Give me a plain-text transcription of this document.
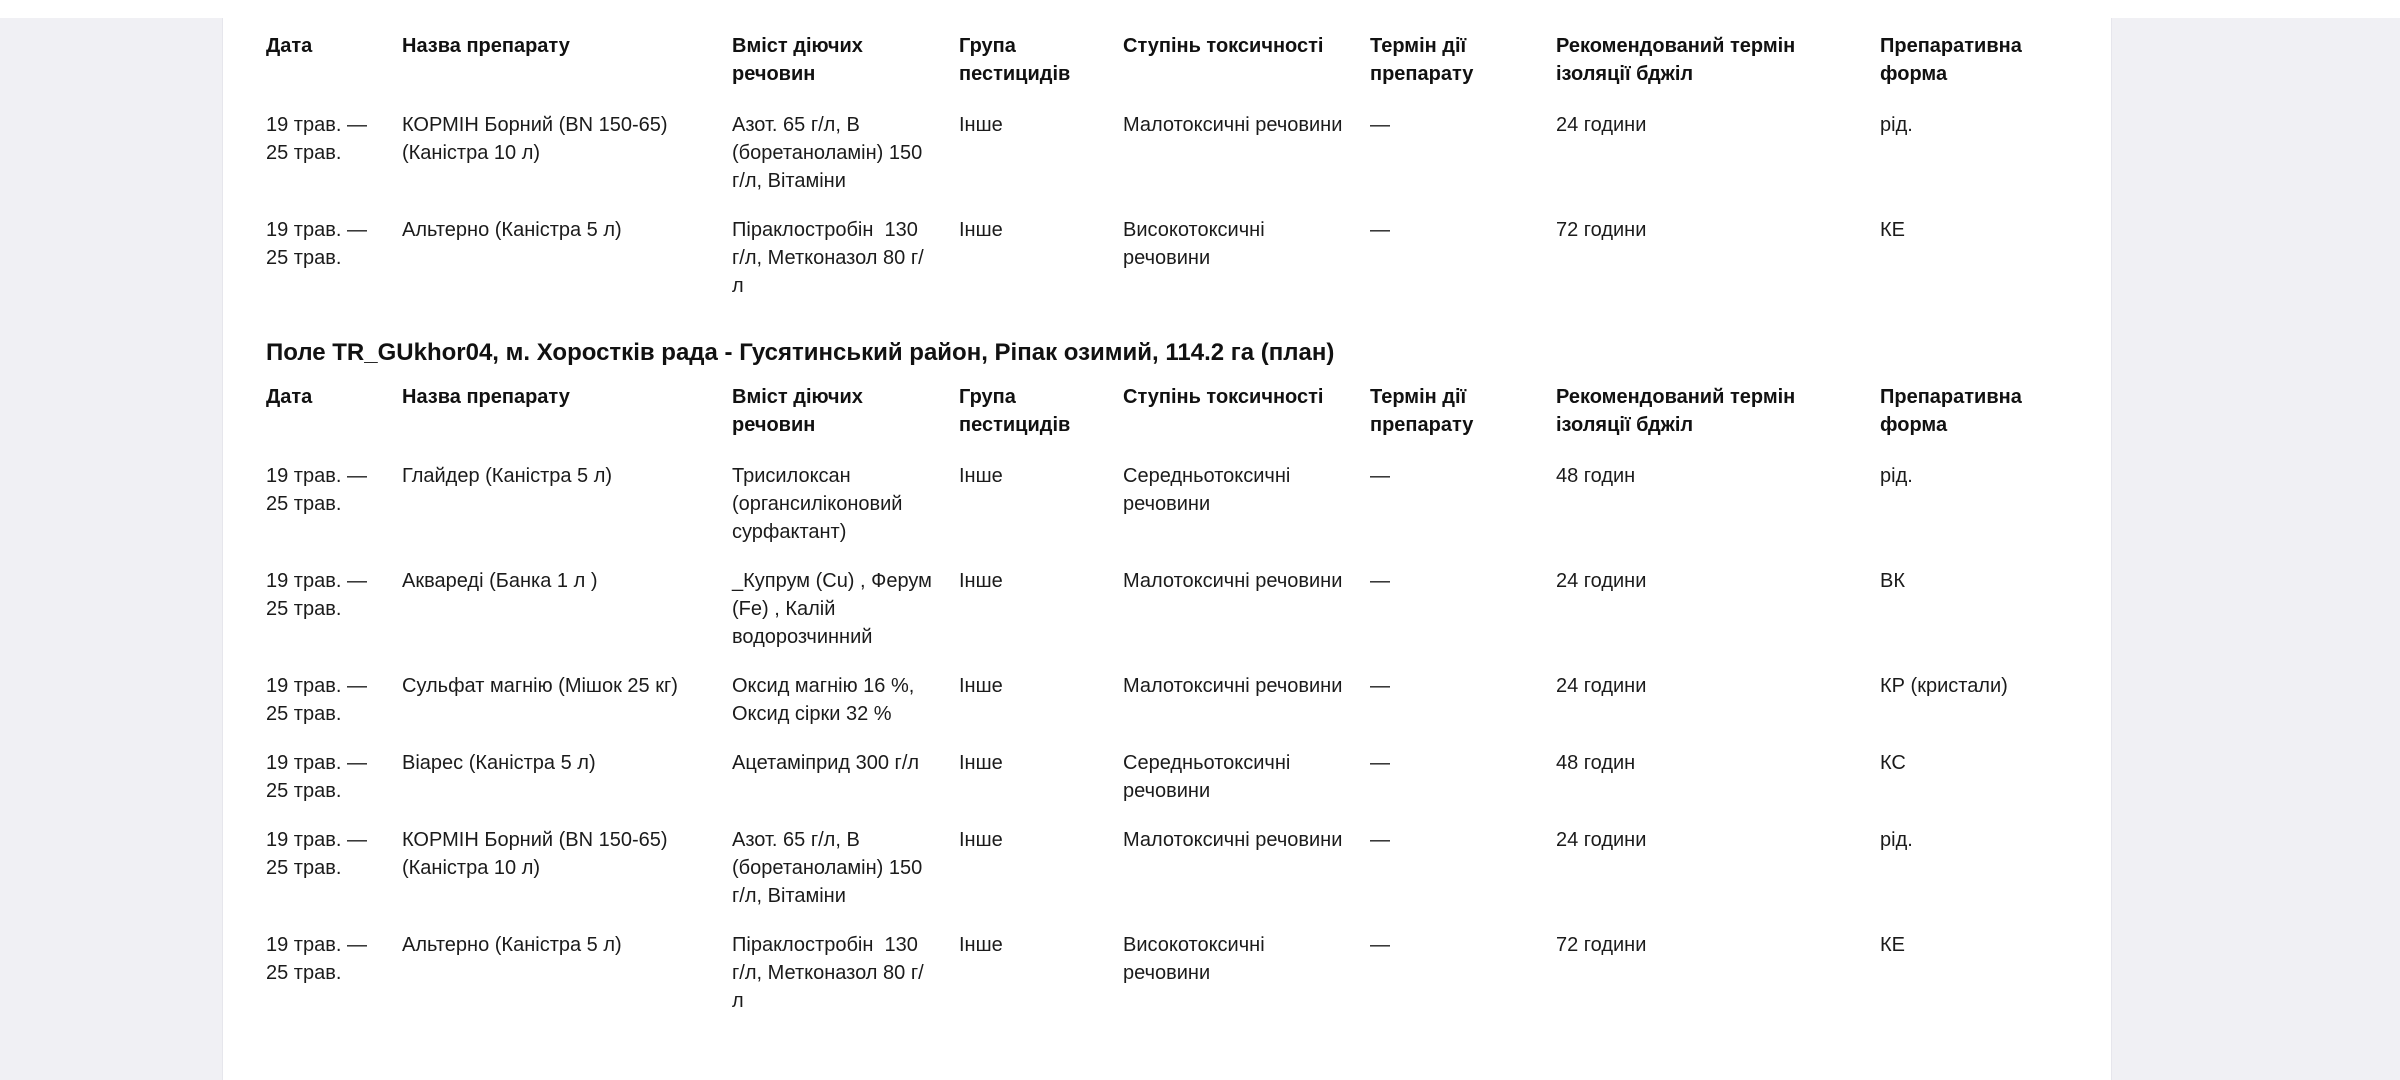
Дата	Назва препарату	Вміст діючих речовин	Група пестицидів	Ступінь токсичності	Термін дії препарату	Рекомендований термін ізоляції бджіл	Препаративна форма
19 трав. — 25 трав.	КОРМІН Борний (BN 150-65) (Каністра 10 л)	Азот. 65 г/л, В (боретаноламін) 150 г/л, Вітаміни	Інше	Малотоксичні речовини	—	24 години	рід.
19 трав. — 25 трав.	Альтерно (Каністра 5 л)	Піраклостробін  130 г/л, Метконазол 80 г/л	Інше	Високотоксичні речовини	—	72 години	КЕ
Поле TR_GUkhor04, м. Хоростків рада - Гусятинський район, Ріпак озимий, 114.2 га (план)
Дата	Назва препарату	Вміст діючих речовин	Група пестицидів	Ступінь токсичності	Термін дії препарату	Рекомендований термін ізоляції бджіл	Препаративна форма
19 трав. — 25 трав.	Глайдер (Каністра 5 л)	Трисилоксан (органсиліконовий сурфактант)	Інше	Середньотоксичні речовини	—	48 годин	рід.
19 трав. — 25 трав.	Аквареді (Банка 1 л )	_Купрум (Cu) , Ферум (Fe) , Калій водорозчинний	Інше	Малотоксичні речовини	—	24 години	ВК
19 трав. — 25 трав.	Сульфат магнію (Мішок 25 кг)	Оксид магнію 16 %, Оксид сірки 32 %	Інше	Малотоксичні речовини	—	24 години	КР (кристали)
19 трав. — 25 трав.	Віарес (Каністра 5 л)	Ацетаміприд 300 г/л	Інше	Середньотоксичні речовини	—	48 годин	КС
19 трав. — 25 трав.	КОРМІН Борний (BN 150-65) (Каністра 10 л)	Азот. 65 г/л, В (боретаноламін) 150 г/л, Вітаміни	Інше	Малотоксичні речовини	—	24 години	рід.
19 трав. — 25 трав.	Альтерно (Каністра 5 л)	Піраклостробін  130 г/л, Метконазол 80 г/л	Інше	Високотоксичні речовини	—	72 години	КЕ
